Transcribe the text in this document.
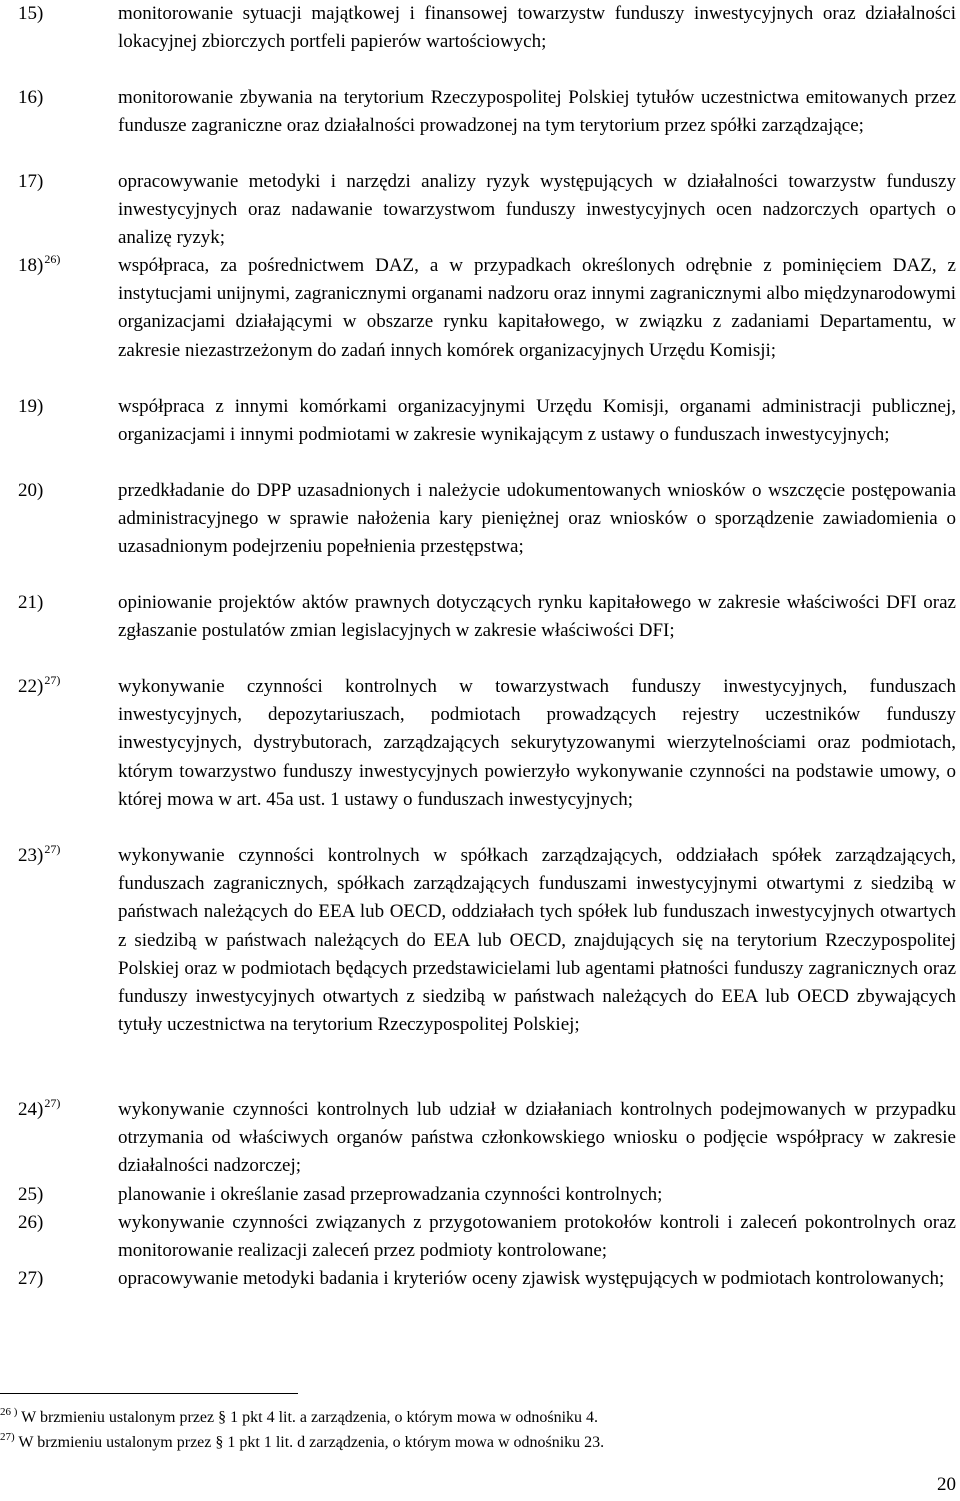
15)	monitorowanie sytuacji majątkowej i finansowej towarzystw funduszy inwestycyjnych oraz działalności lokacyjnej zbiorczych portfeli papierów wartościowych;
16)	monitorowanie zbywania na terytorium Rzeczypospolitej Polskiej tytułów uczestnictwa emitowanych przez fundusze zagraniczne oraz działalności prowadzonej na tym terytorium przez spółki zarządzające;
17)	opracowywanie metodyki i narzędzi analizy ryzyk występujących w działalności towarzystw funduszy inwestycyjnych oraz nadawanie towarzystwom funduszy inwestycyjnych ocen nadzorczych opartych o analizę ryzyk;
18)$^{26)}$	współpraca, za pośrednictwem DAZ, a w przypadkach określonych odrębnie z pominięciem DAZ, z instytucjami unijnymi, zagranicznymi organami nadzoru oraz innymi zagranicznymi albo międzynarodowymi organizacjami działającymi w obszarze rynku kapitałowego, w związku z zadaniami Departamentu, w zakresie niezastrzeżonym do zadań innych komórek organizacyjnych Urzędu Komisji;
19)	współpraca z innymi komórkami organizacyjnymi Urzędu Komisji, organami administracji publicznej, organizacjami i innymi podmiotami w zakresie wynikającym z ustawy o funduszach inwestycyjnych;
20)	przedkładanie do DPP uzasadnionych i należycie udokumentowanych wniosków o wszczęcie postępowania administracyjnego w sprawie nałożenia kary pieniężnej oraz wniosków o sporządzenie zawiadomienia o uzasadnionym podejrzeniu popełnienia przestępstwa;
21)	opiniowanie projektów aktów prawnych dotyczących rynku kapitałowego w zakresie właściwości DFI oraz zgłaszanie postulatów zmian legislacyjnych w zakresie właściwości DFI;
22)$^{27)}$	wykonywanie czynności kontrolnych w towarzystwach funduszy inwestycyjnych, funduszach inwestycyjnych, depozytariuszach, podmiotach prowadzących rejestry uczestników funduszy inwestycyjnych, dystrybutorach, zarządzających sekurytyzowanymi wierzytelnościami oraz podmiotach, którym towarzystwo funduszy inwestycyjnych powierzyło wykonywanie czynności na podstawie umowy, o której mowa w art. 45a ust. 1 ustawy o funduszach inwestycyjnych;
23)$^{27)}$	wykonywanie czynności kontrolnych w spółkach zarządzających, oddziałach spółek zarządzających, funduszach zagranicznych, spółkach zarządzających funduszami inwestycyjnymi otwartymi z siedzibą w państwach należących do EEA lub OECD, oddziałach tych spółek lub funduszach inwestycyjnych otwartych z siedzibą w państwach należących do EEA lub OECD, znajdujących się na terytorium Rzeczypospolitej Polskiej oraz w podmiotach będących przedstawicielami lub agentami płatności funduszy zagranicznych oraz funduszy inwestycyjnych otwartych z siedzibą w państwach należących do EEA lub OECD zbywających tytuły uczestnictwa na terytorium Rzeczypospolitej Polskiej;
24)$^{27)}$	wykonywanie czynności kontrolnych lub udział w działaniach kontrolnych podejmowanych w przypadku otrzymania od właściwych organów państwa członkowskiego wniosku o podjęcie współpracy w zakresie działalności nadzorczej;
25)	planowanie i określanie zasad przeprowadzania czynności kontrolnych;
26)	wykonywanie czynności związanych z przygotowaniem protokołów kontroli i zaleceń pokontrolnych oraz monitorowanie realizacji zaleceń przez podmioty kontrolowane;
27)	opracowywanie metodyki badania i kryteriów oceny zjawisk występujących w podmiotach kontrolowanych;
$^{26 )}$ W brzmieniu ustalonym przez § 1 pkt 4 lit. a zarządzenia, o którym mowa w odnośniku 4.
$^{27)}$ W brzmieniu ustalonym przez § 1 pkt 1 lit. d zarządzenia, o którym mowa w odnośniku 23.
20
